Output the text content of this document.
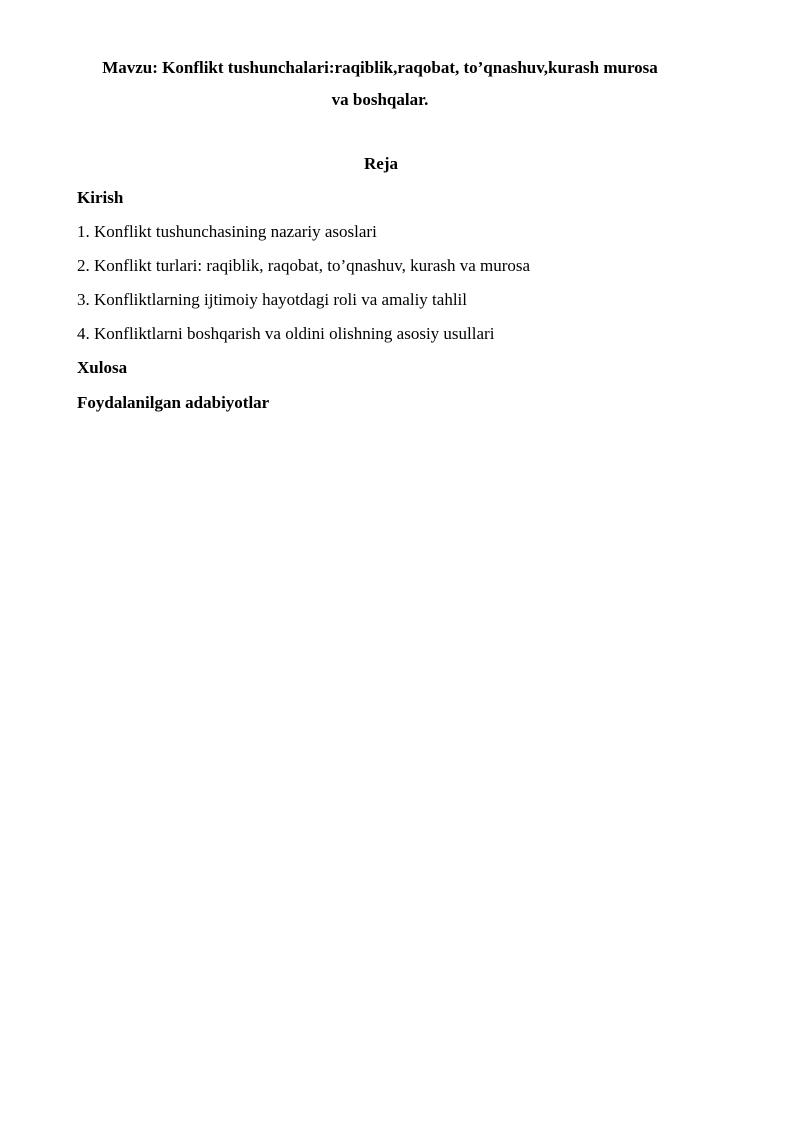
Mavzu: Konflikt tushunchalari:raqiblik,raqobat, to’qnashuv,kurash murosa

va boshqalar.

Reja

Kirish

1. Konflikt tushunchasining nazariy asoslari

2. Konflikt turlari: raqiblik, raqobat, to’qnashuv, kurash va murosa

3. Konfliktlarning ijtimoiy hayotdagi roli va amaliy tahlil

4. Konfliktlarni boshqarish va oldini olishning asosiy usullari

Xulosa

Foydalanilgan adabiyotlar
